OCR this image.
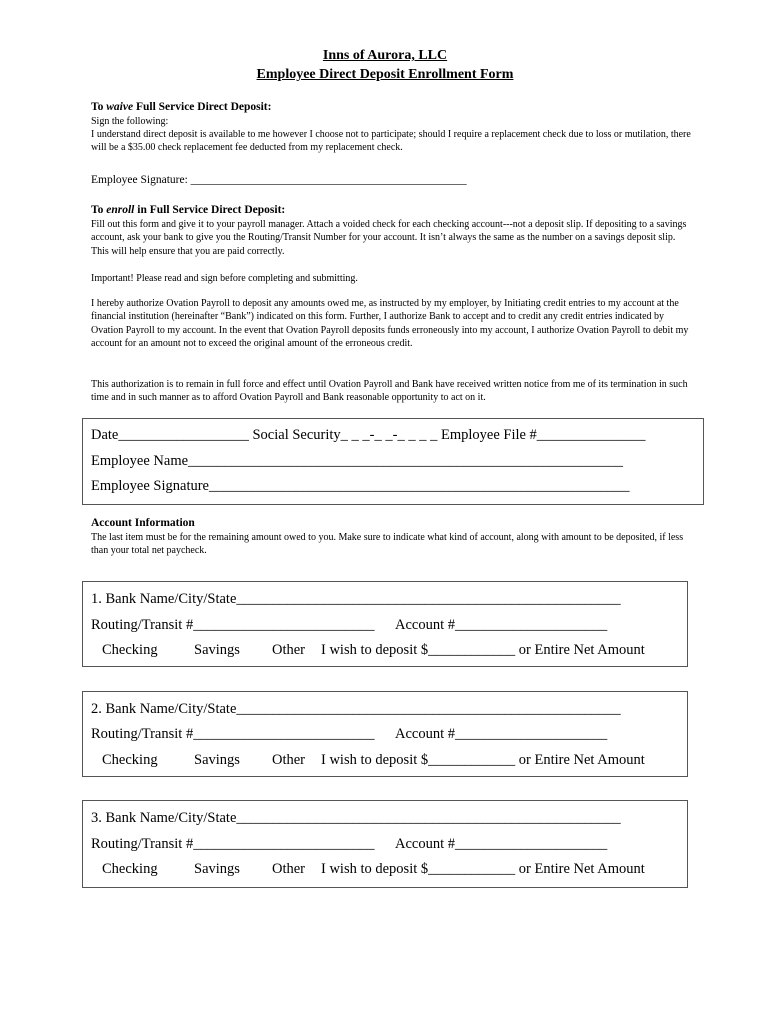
Inns of Aurora, LLC
Employee Direct Deposit Enrollment Form
To waive Full Service Direct Deposit:
Sign the following:
I understand direct deposit is available to me however I choose not to participate; should I require a replacement check due to loss or mutilation, there will be a $35.00 check replacement fee deducted from my replacement check.
Employee Signature: ________________________________________________
To enroll in Full Service Direct Deposit:
Fill out this form and give it to your payroll manager. Attach a voided check for each checking account---not a deposit slip. If depositing to a savings account, ask your bank to give you the Routing/Transit Number for your account. It isn’t always the same as the number on a savings deposit slip. This will help ensure that you are paid correctly.
Important! Please read and sign before completing and submitting.
I hereby authorize Ovation Payroll to deposit any amounts owed me, as instructed by my employer, by Initiating credit entries to my account at the financial institution (hereinafter “Bank”) indicated on this form. Further, I authorize Bank to accept and to credit any credit entries indicated by Ovation Payroll to my account. In the event that Ovation Payroll deposits funds erroneously into my account, I authorize Ovation Payroll to debit my account for an amount not to exceed the original amount of the erroneous credit.
This authorization is to remain in full force and effect until Ovation Payroll and Bank have received written notice from me of its termination in such time and in such manner as to afford Ovation Payroll and Bank reasonable opportunity to act on it.
Date__________________ Social Security_ _ _-_ _-_ _ _ _ Employee File #_______________
Employee Name____________________________________________________________
Employee Signature__________________________________________________________
Account Information
The last item must be for the remaining amount owed to you. Make sure to indicate what kind of account, along with amount to be deposited, if less than your total net paycheck.
1. Bank Name/City/State_____________________________________________________
Routing/Transit #_________________________ Account #_____________________
Checking	Savings Other I wish to deposit $____________ or Entire Net Amount
2. Bank Name/City/State_____________________________________________________
Routing/Transit #_________________________ Account #_____________________
Checking	Savings Other I wish to deposit $____________ or Entire Net Amount
3. Bank Name/City/State_____________________________________________________
Routing/Transit #_________________________ Account #_____________________
Checking	Savings Other I wish to deposit $____________ or Entire Net Amount
